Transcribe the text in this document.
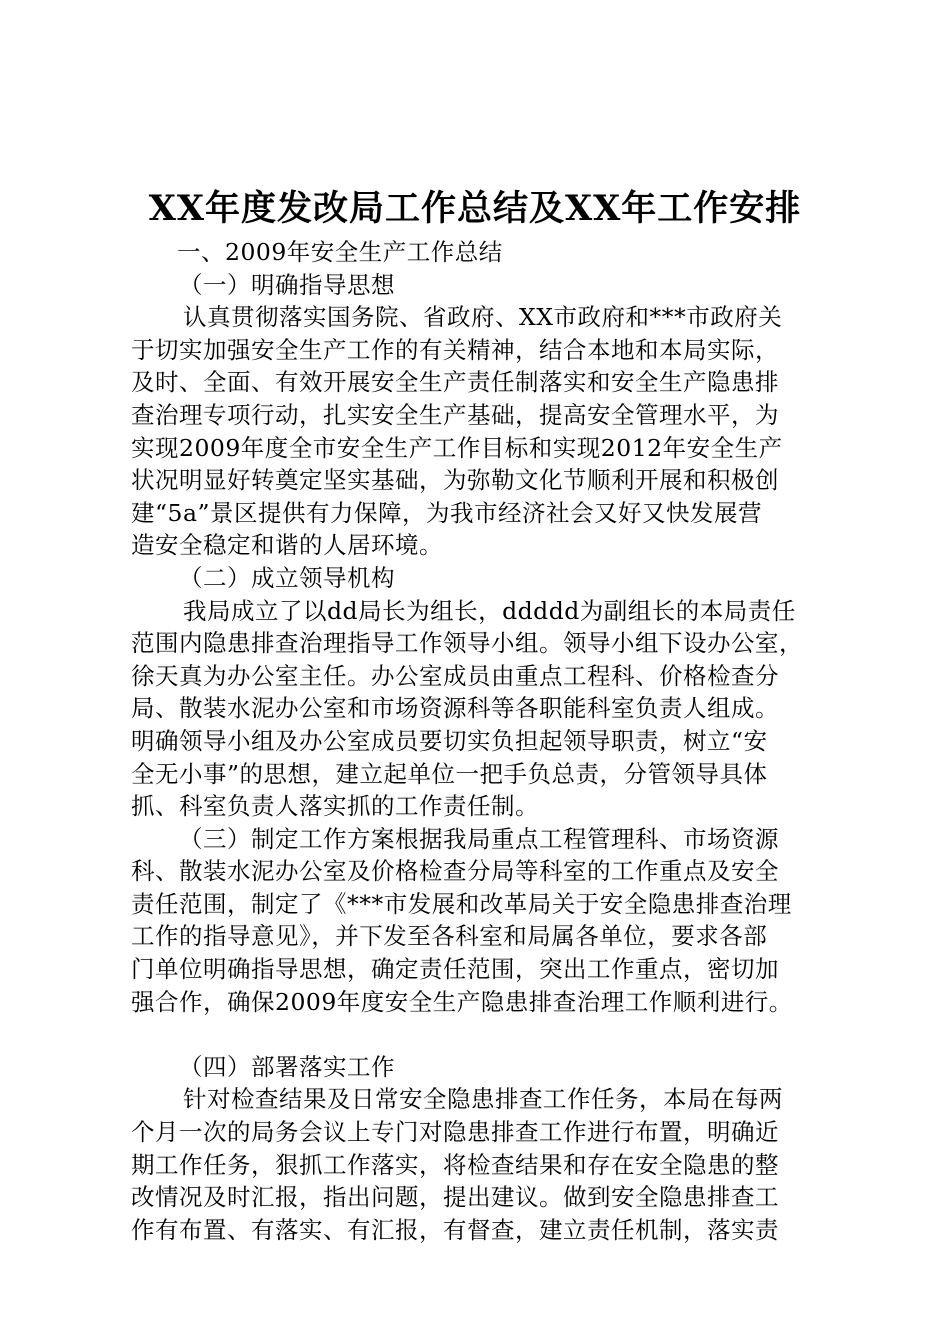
XX年度发改局工作总结及XX年工作安排
一、2009年安全生产工作总结
（一）明确指导思想
认真贯彻落实国务院、省政府、XX市政府和***市政府关
于切实加强安全生产工作的有关精神，结合本地和本局实际，
及时、全面、有效开展安全生产责任制落实和安全生产隐患排
查治理专项行动，扎实安全生产基础，提高安全管理水平，为
实现2009年度全市安全生产工作目标和实现2012年安全生产
状况明显好转奠定坚实基础，为弥勒文化节顺利开展和积极创
建“5a”景区提供有力保障，为我市经济社会又好又快发展营
造安全稳定和谐的人居环境。
（二）成立领导机构
我局成立了以dd局长为组长，ddddd为副组长的本局责任
范围内隐患排查治理指导工作领导小组。领导小组下设办公室，
徐天真为办公室主任。办公室成员由重点工程科、价格检查分
局、散装水泥办公室和市场资源科等各职能科室负责人组成。
明确领导小组及办公室成员要切实负担起领导职责，树立“安
全无小事”的思想，建立起单位一把手负总责，分管领导具体
抓、科室负责人落实抓的工作责任制。
（三）制定工作方案根据我局重点工程管理科、市场资源
科、散装水泥办公室及价格检查分局等科室的工作重点及安全
责任范围，制定了《***市发展和改革局关于安全隐患排查治理
工作的指导意见》，并下发至各科室和局属各单位，要求各部
门单位明确指导思想，确定责任范围，突出工作重点，密切加
强合作，确保2009年度安全生产隐患排查治理工作顺利进行。
（四）部署落实工作
针对检查结果及日常安全隐患排查工作任务，本局在每两
个月一次的局务会议上专门对隐患排查工作进行布置，明确近
期工作任务，狠抓工作落实，将检查结果和存在安全隐患的整
改情况及时汇报，指出问题，提出建议。做到安全隐患排查工
作有布置、有落实、有汇报，有督查，建立责任机制，落实责
